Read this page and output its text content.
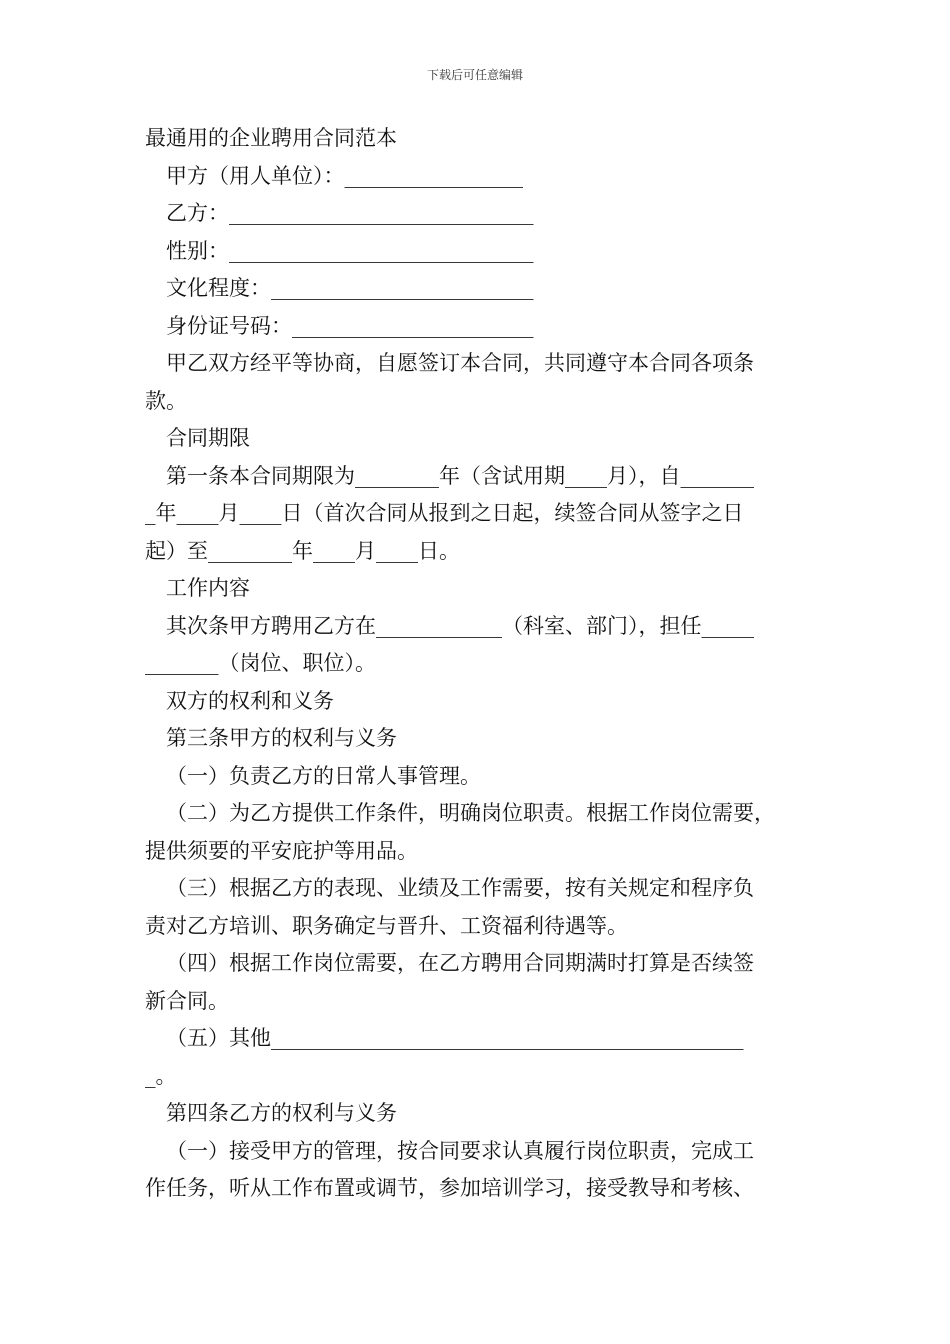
下载后可任意编辑
最通用的企业聘用合同范本
甲方（用人单位）：_________________
乙方：_____________________________
性别：_____________________________
文化程度：_________________________
身份证号码：_______________________
甲乙双方经平等协商，自愿签订本合同，共同遵守本合同各项条
款。
合同期限
第一条本合同期限为________年（含试用期____月），自_______
_年____月____日（首次合同从报到之日起，续签合同从签字之日
起）至________年____月____日。
工作内容
其次条甲方聘用乙方在____________（科室、部门），担任_____
_______（岗位、职位）。
双方的权利和义务
第三条甲方的权利与义务
（一）负责乙方的日常人事管理。
（二）为乙方提供工作条件，明确岗位职责。根据工作岗位需要，
提供须要的平安庇护等用品。
（三）根据乙方的表现、业绩及工作需要，按有关规定和程序负
责对乙方培训、职务确定与晋升、工资福利待遇等。
（四）根据工作岗位需要，在乙方聘用合同期满时打算是否续签
新合同。
（五）其他_____________________________________________
_。
第四条乙方的权利与义务
（一）接受甲方的管理，按合同要求认真履行岗位职责，完成工
作任务，听从工作布置或调节，参加培训学习，接受教导和考核、
